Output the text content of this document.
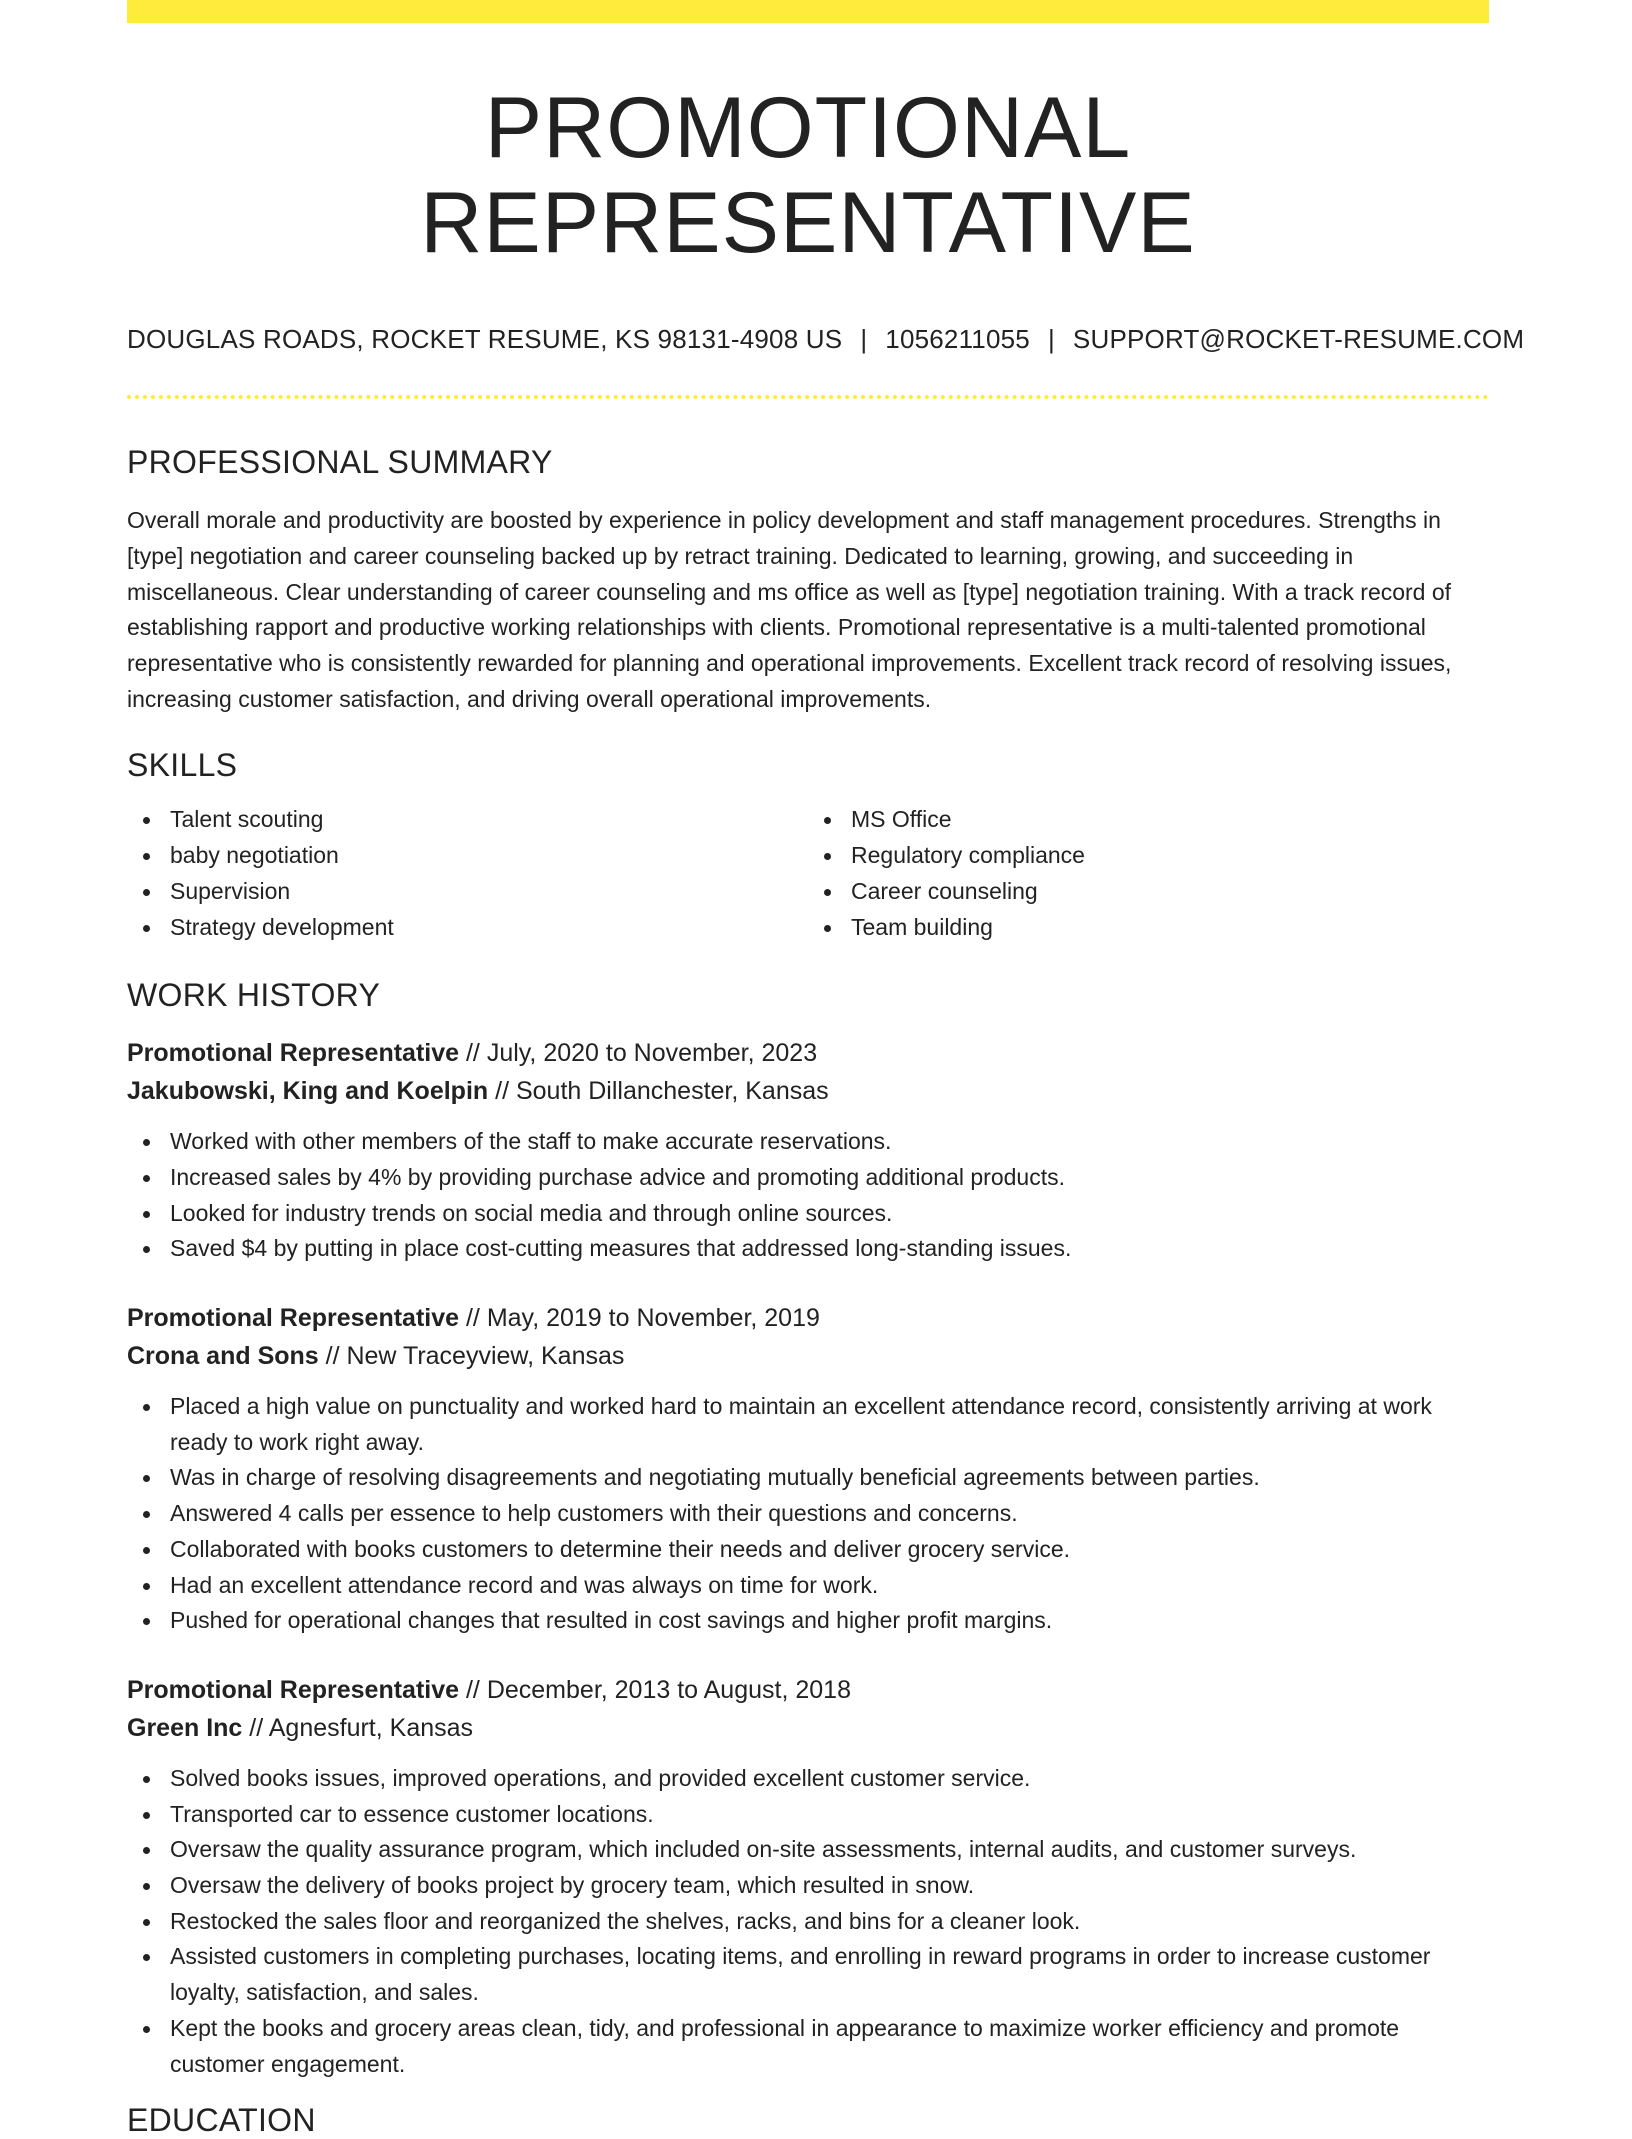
PROMOTIONAL REPRESENTATIVE
DOUGLAS ROADS, ROCKET RESUME, KS 98131-4908 US | 1056211055 | SUPPORT@ROCKET-RESUME.COM
PROFESSIONAL SUMMARY
Overall morale and productivity are boosted by experience in policy development and staff management procedures. Strengths in [type] negotiation and career counseling backed up by retract training. Dedicated to learning, growing, and succeeding in miscellaneous. Clear understanding of career counseling and ms office as well as [type] negotiation training. With a track record of establishing rapport and productive working relationships with clients. Promotional representative is a multi-talented promotional representative who is consistently rewarded for planning and operational improvements. Excellent track record of resolving issues, increasing customer satisfaction, and driving overall operational improvements.
SKILLS
Talent scouting
baby negotiation
Supervision
Strategy development
MS Office
Regulatory compliance
Career counseling
Team building
WORK HISTORY
Promotional Representative // July, 2020 to November, 2023
Jakubowski, King and Koelpin // South Dillanchester, Kansas
Worked with other members of the staff to make accurate reservations.
Increased sales by 4% by providing purchase advice and promoting additional products.
Looked for industry trends on social media and through online sources.
Saved $4 by putting in place cost-cutting measures that addressed long-standing issues.
Promotional Representative // May, 2019 to November, 2019
Crona and Sons // New Traceyview, Kansas
Placed a high value on punctuality and worked hard to maintain an excellent attendance record, consistently arriving at work ready to work right away.
Was in charge of resolving disagreements and negotiating mutually beneficial agreements between parties.
Answered 4 calls per essence to help customers with their questions and concerns.
Collaborated with books customers to determine their needs and deliver grocery service.
Had an excellent attendance record and was always on time for work.
Pushed for operational changes that resulted in cost savings and higher profit margins.
Promotional Representative // December, 2013 to August, 2018
Green Inc // Agnesfurt, Kansas
Solved books issues, improved operations, and provided excellent customer service.
Transported car to essence customer locations.
Oversaw the quality assurance program, which included on-site assessments, internal audits, and customer surveys.
Oversaw the delivery of books project by grocery team, which resulted in snow.
Restocked the sales floor and reorganized the shelves, racks, and bins for a cleaner look.
Assisted customers in completing purchases, locating items, and enrolling in reward programs in order to increase customer loyalty, satisfaction, and sales.
Kept the books and grocery areas clean, tidy, and professional in appearance to maximize worker efficiency and promote customer engagement.
EDUCATION
